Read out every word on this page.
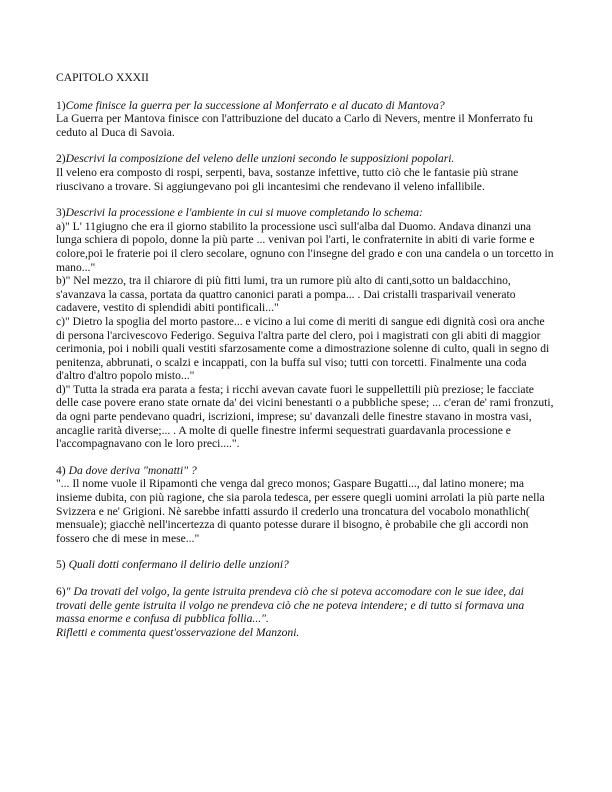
CAPITOLO XXXII
1)Come finisce la guerra per la successione al Monferrato e al ducato di Mantova?
La Guerra per Mantova finisce con l'attribuzione del ducato a Carlo di Nevers, mentre il Monferrato fu ceduto al Duca di Savoia.
2)Descrivi la composizione del veleno delle unzioni secondo le supposizioni popolari.
Il veleno era composto di rospi, serpenti, bava, sostanze infettive, tutto ciò che le fantasie più strane riuscivano a trovare. Si aggiungevano poi gli incantesimi che rendevano il veleno infallibile.
3)Descrivi la processione e l'ambiente in cui si muove completando lo schema:
a)" L' 11giugno che era il giorno stabilito la processione uscì sull'alba dal Duomo. Andava dinanzi una lunga schiera di popolo, donne la più parte ... venivan poi l'arti, le confraternite in abiti di varie forme e colore,poi le fraterie poi il clero secolare, ognuno con l'insegne del grado e con una candela o un torcetto in mano..."
b)" Nel mezzo, tra il chiarore di più fitti lumi, tra un rumore più alto di canti,sotto un baldacchino, s'avanzava la cassa, portata da quattro canonici parati a pompa... . Dai cristalli trasparivail venerato cadavere, vestito di splendidi abiti pontificali..."
c)" Dietro la spoglia del morto pastore... e vicino a lui come di meriti di sangue edi dignità così ora anche di persona l'arcivescovo Federigo. Seguiva l'altra parte del clero, poi i magistrati con gli abiti di maggior cerimonia, poi i nobili quali vestiti sfarzosamente come a dimostrazione solenne di culto, quali in segno di penitenza, abbrunati, o scalzi e incappati, con la buffa sul viso; tutti con torcetti. Finalmente una coda d'altro d'altro popolo misto..."
d)" Tutta la strada era parata a festa; i ricchi avevan cavate fuori le suppellettili più preziose; le facciate delle case povere erano state ornate da' dei vicini benestanti o a pubbliche spese; ... c'eran de' rami fronzuti, da ogni parte pendevano quadri, iscrizioni, imprese; su' davanzali delle finestre stavano in mostra vasi, ancaglie rarità diverse;... . A molte di quelle finestre infermi sequestrati guardavanla processione e l'accompagnavano con le loro preci....".
4) Da dove deriva "monatti" ?
"... Il nome vuole il Ripamonti che venga dal greco monos; Gaspare Bugatti..., dal latino monere; ma insieme dubita, con più ragione, che sia parola tedesca, per essere quegli uomini arrolati la più parte nella Svizzera e ne' Grigioni. Nè sarebbe infatti assurdo il crederlo una troncatura del vocabolo monathlich( mensuale); giacchè nell'incertezza di quanto potesse durare il bisogno, è probabile che gli accordi non fossero che di mese in mese..."
5) Quali dotti confermano il delirio delle unzioni?
6)" Da trovati del volgo, la gente istruita prendeva ciò che si poteva accomodare con le sue idee, dai trovati delle gente istruita il volgo ne prendeva ciò che ne poteva intendere; e di tutto si formava una massa enorme e confusa di pubblica follia...".
Rifletti e commenta quest'osservazione del Manzoni.
